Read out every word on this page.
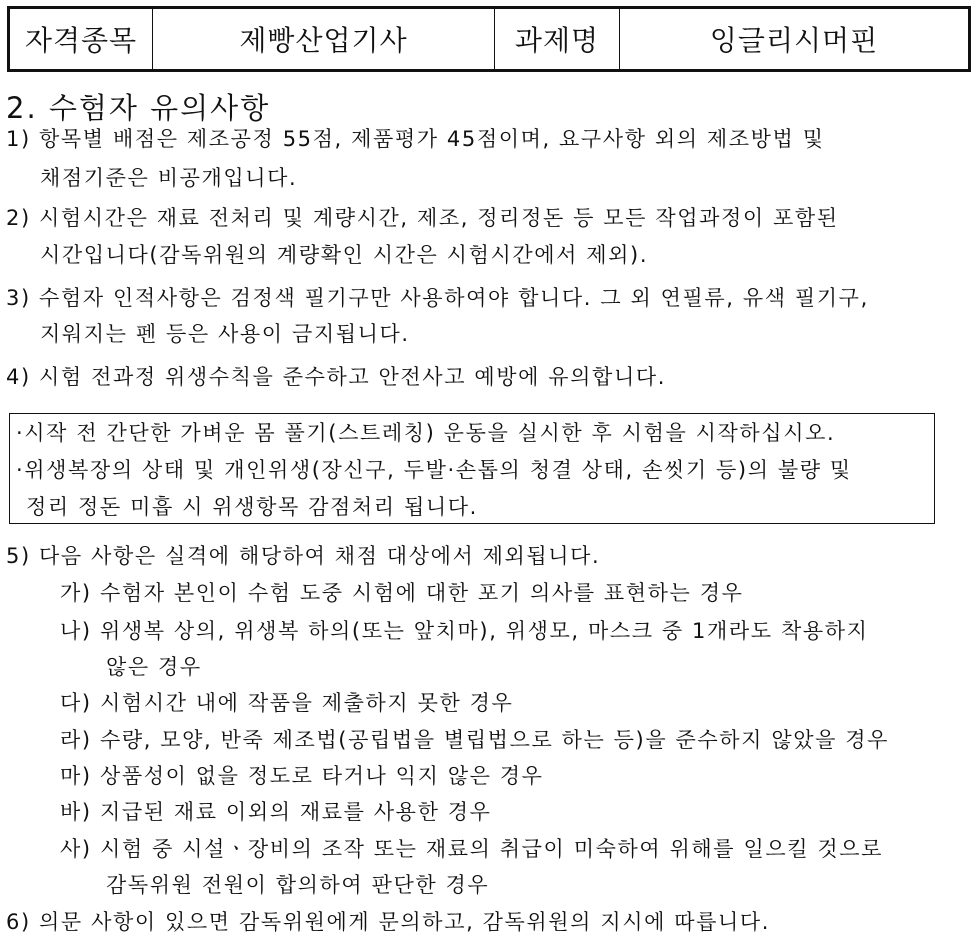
자격종목	제빵산업기사	과제명	잉글리시머핀
2. 수험자 유의사항
1) 항목별 배점은 제조공정 55점, 제품평가 45점이며, 요구사항 외의 제조방법 및
채점기준은 비공개입니다.
2) 시험시간은 재료 전처리 및 계량시간, 제조, 정리정돈 등 모든 작업과정이 포함된
시간입니다(감독위원의 계량확인 시간은 시험시간에서 제외).
3) 수험자 인적사항은 검정색 필기구만 사용하여야 합니다. 그 외 연필류, 유색 필기구,
지워지는 펜 등은 사용이 금지됩니다.
4) 시험 전과정 위생수칙을 준수하고 안전사고 예방에 유의합니다.
·시작 전 간단한 가벼운 몸 풀기(스트레칭) 운동을 실시한 후 시험을 시작하십시오.
·위생복장의 상태 및 개인위생(장신구, 두발·손톱의 청결 상태, 손씻기 등)의 불량 및
정리 정돈 미흡 시 위생항목 감점처리 됩니다.
5) 다음 사항은 실격에 해당하여 채점 대상에서 제외됩니다.
가) 수험자 본인이 수험 도중 시험에 대한 포기 의사를 표현하는 경우
나) 위생복 상의, 위생복 하의(또는 앞치마), 위생모, 마스크 중 1개라도 착용하지
않은 경우
다) 시험시간 내에 작품을 제출하지 못한 경우
라) 수량, 모양, 반죽 제조법(공립법을 별립법으로 하는 등)을 준수하지 않았을 경우
마) 상품성이 없을 정도로 타거나 익지 않은 경우
바) 지급된 재료 이외의 재료를 사용한 경우
사) 시험 중 시설ㆍ장비의 조작 또는 재료의 취급이 미숙하여 위해를 일으킬 것으로
감독위원 전원이 합의하여 판단한 경우
6) 의문 사항이 있으면 감독위원에게 문의하고, 감독위원의 지시에 따릅니다.
